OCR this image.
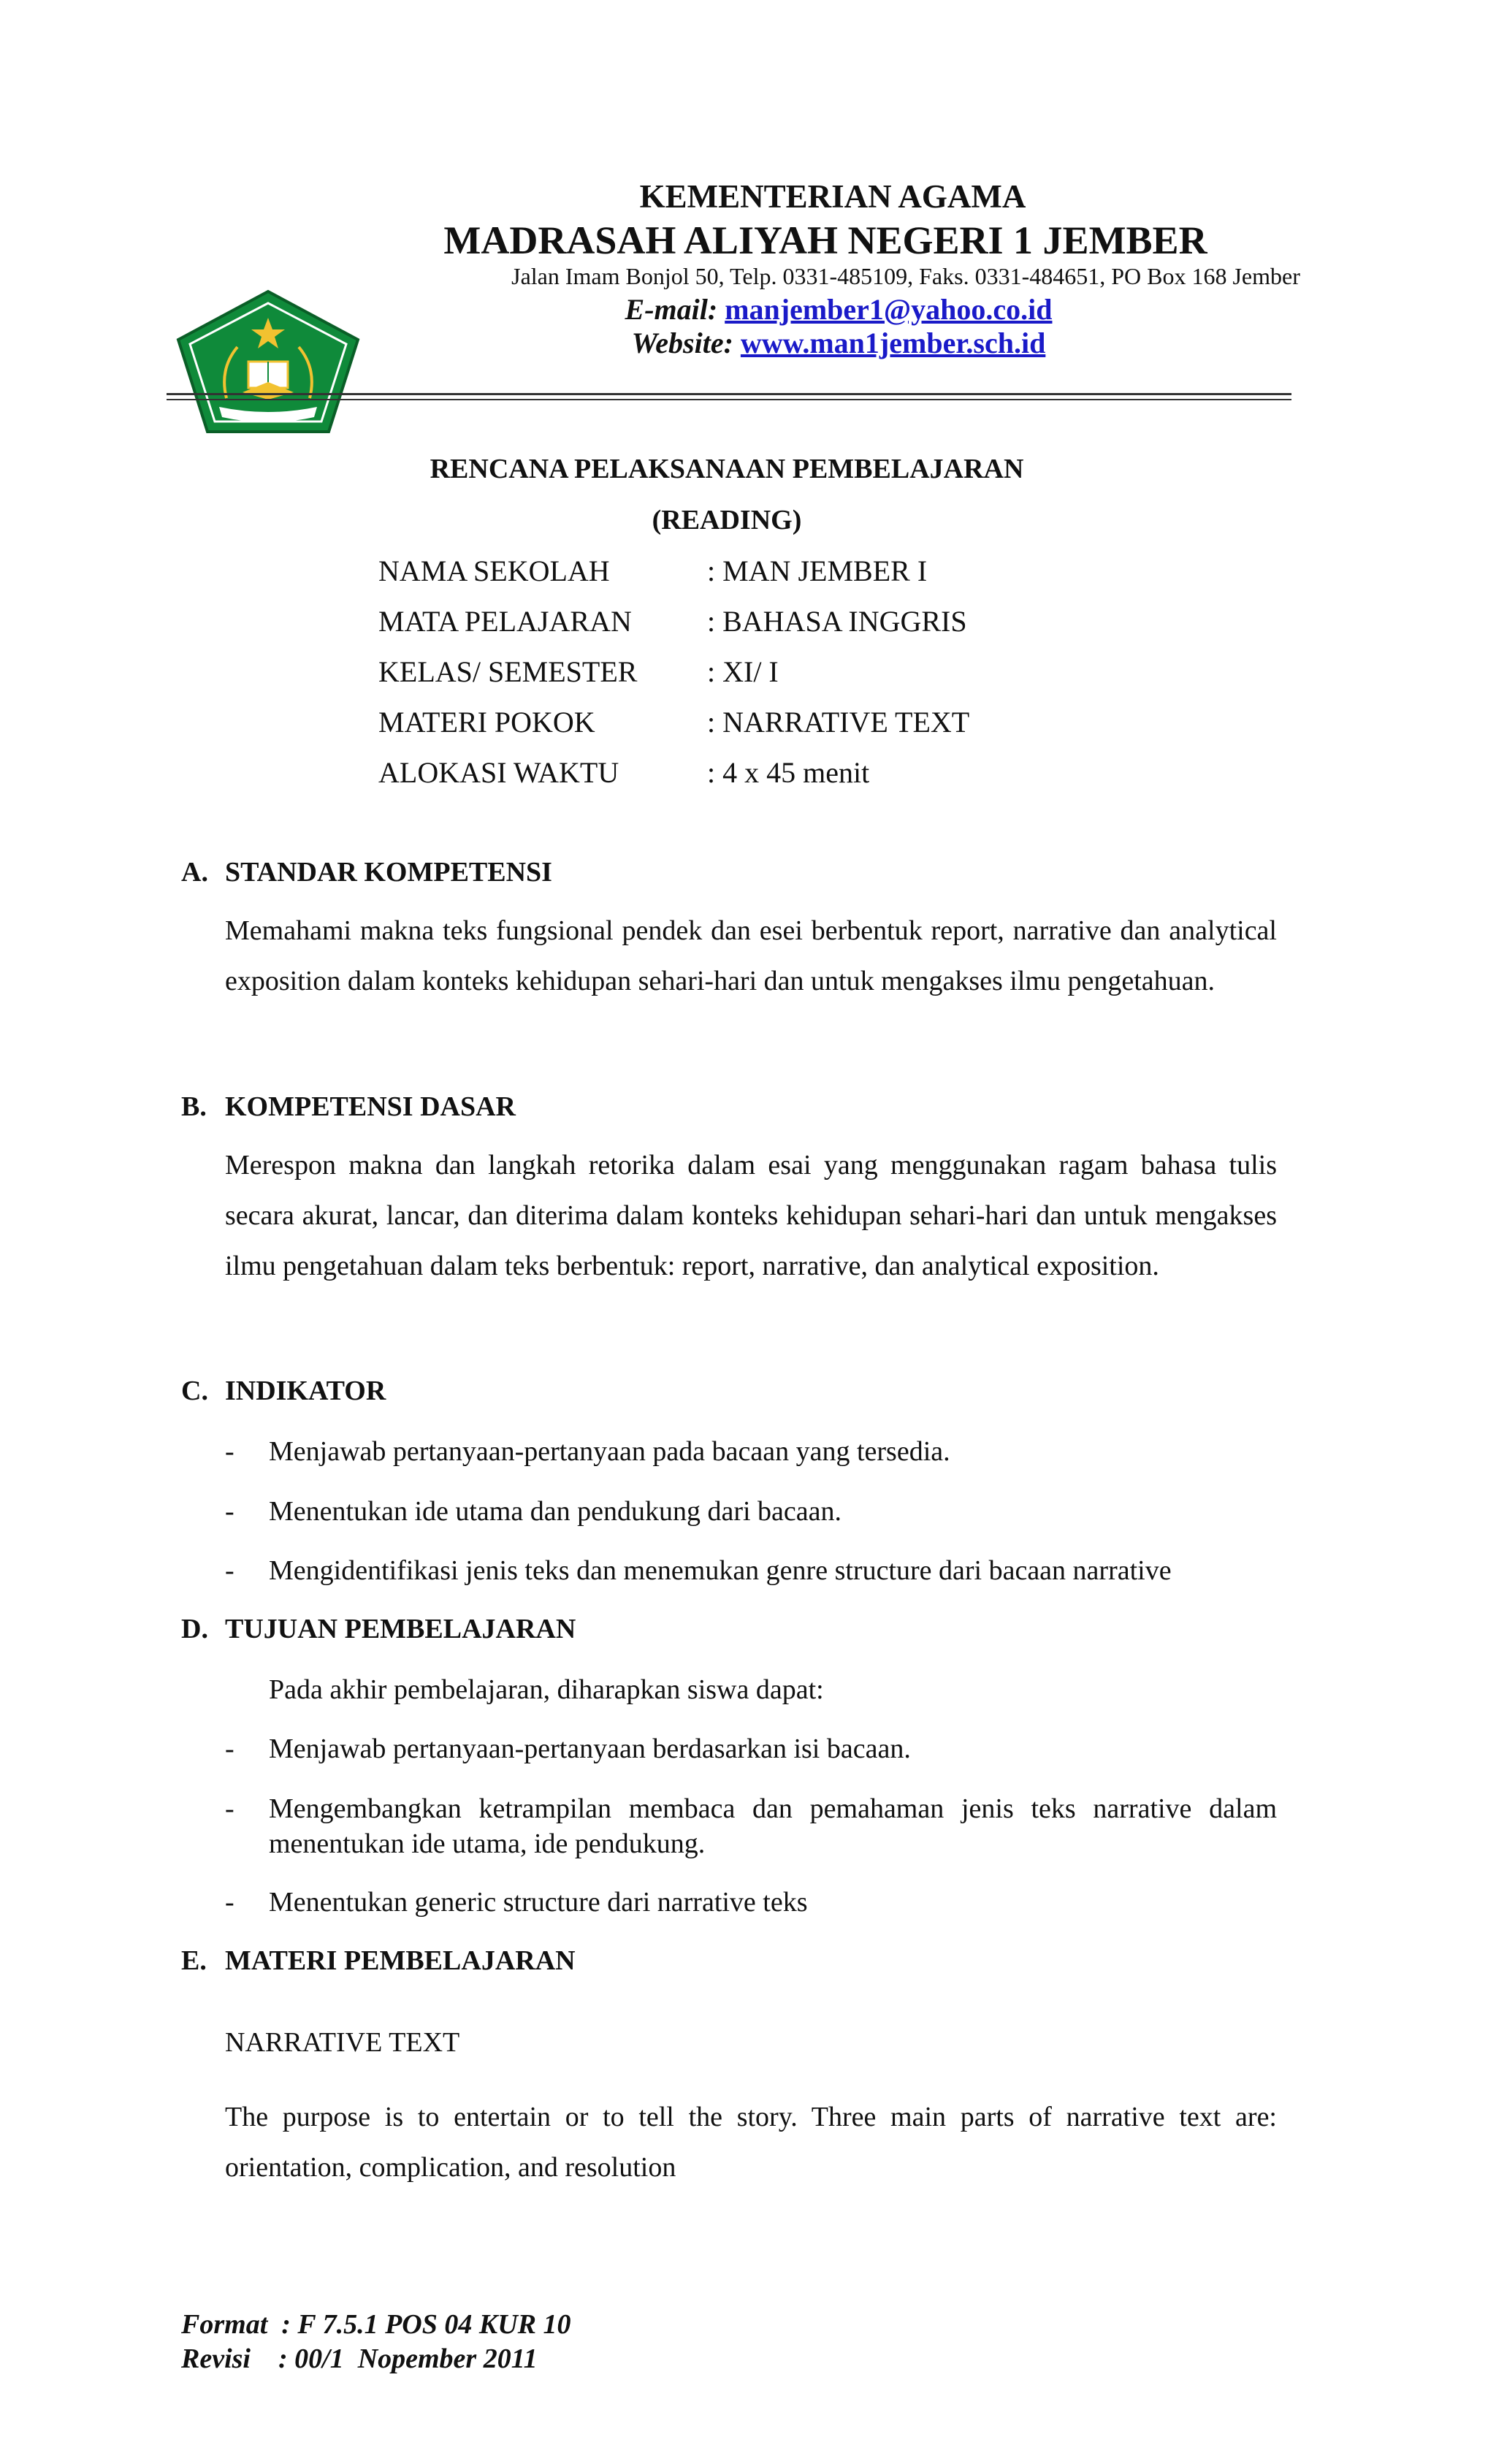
KEMENTERIAN AGAMA
MADRASAH ALIYAH NEGERI 1 JEMBER
Jalan Imam Bonjol 50, Telp. 0331-485109, Faks. 0331-484651, PO Box 168 Jember
E-mail: manjember1@yahoo.co.id
Website: www.man1jember.sch.id
RENCANA PELAKSANAAN PEMBELAJARAN
(READING)
NAMA SEKOLAH	: MAN JEMBER I
MATA PELAJARAN	: BAHASA INGGRIS
KELAS/ SEMESTER : XI/ I
MATERI POKOK	: NARRATIVE TEXT
ALOKASI WAKTU	: 4 x 45 menit
A. STANDAR KOMPETENSI
Memahami makna teks fungsional pendek dan esei berbentuk report, narrative dan analytical exposition dalam konteks kehidupan sehari-hari dan untuk mengakses ilmu pengetahuan.
B. KOMPETENSI DASAR
Merespon makna dan langkah retorika dalam esai yang menggunakan ragam bahasa tulis secara akurat, lancar, dan diterima dalam konteks kehidupan sehari-hari dan untuk mengakses ilmu pengetahuan dalam teks berbentuk: report, narrative, dan analytical exposition.
C. INDIKATOR
- Menjawab pertanyaan-pertanyaan pada bacaan yang tersedia.
- Menentukan ide utama dan pendukung dari bacaan.
- Mengidentifikasi jenis teks dan menemukan genre structure dari bacaan narrative
D. TUJUAN PEMBELAJARAN
Pada akhir pembelajaran, diharapkan siswa dapat:
- Menjawab pertanyaan-pertanyaan berdasarkan isi bacaan.
- Mengembangkan ketrampilan membaca dan pemahaman jenis teks narrative dalam menentukan ide utama, ide pendukung.
- Menentukan generic structure dari narrative teks
E. MATERI PEMBELAJARAN
NARRATIVE TEXT
The purpose is to entertain or to tell the story. Three main parts of narrative text are: orientation, complication, and resolution
Format  : F 7.5.1 POS 04 KUR 10
Revisi    : 00/1  Nopember 2011
